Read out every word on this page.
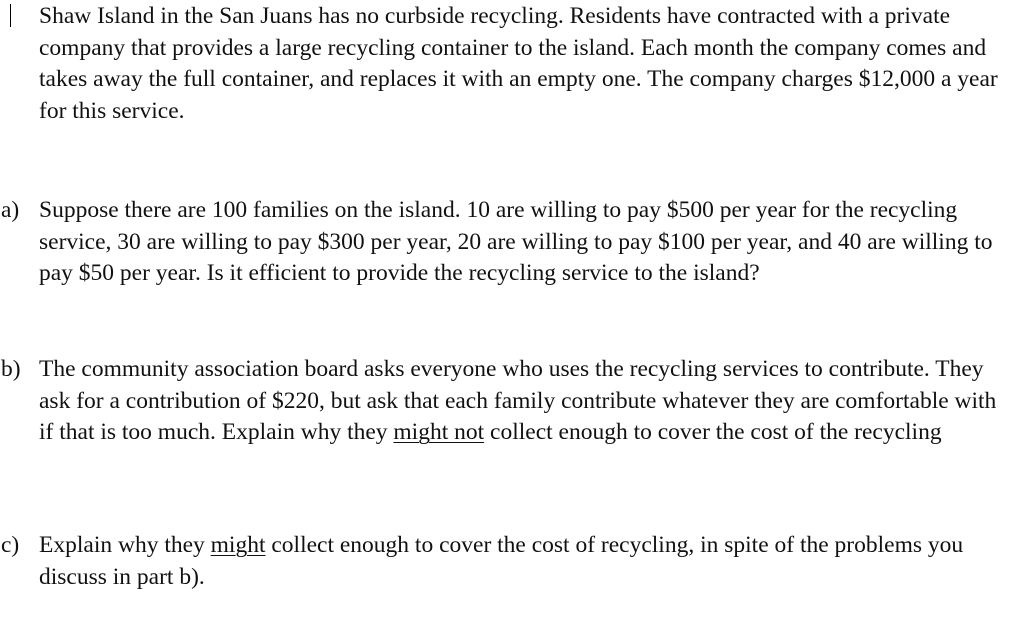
Shaw Island in the San Juans has no curbside recycling. Residents have contracted with a private company that provides a large recycling container to the island. Each month the company comes and takes away the full container, and replaces it with an empty one. The company charges $12,000 a year for this service.
a) Suppose there are 100 families on the island. 10 are willing to pay $500 per year for the recycling service, 30 are willing to pay $300 per year, 20 are willing to pay $100 per year, and 40 are willing to pay $50 per year. Is it efficient to provide the recycling service to the island?
b) The community association board asks everyone who uses the recycling services to contribute. They ask for a contribution of $220, but ask that each family contribute whatever they are comfortable with if that is too much. Explain why they might not collect enough to cover the cost of the recycling
c) Explain why they might collect enough to cover the cost of recycling, in spite of the problems you discuss in part b).
